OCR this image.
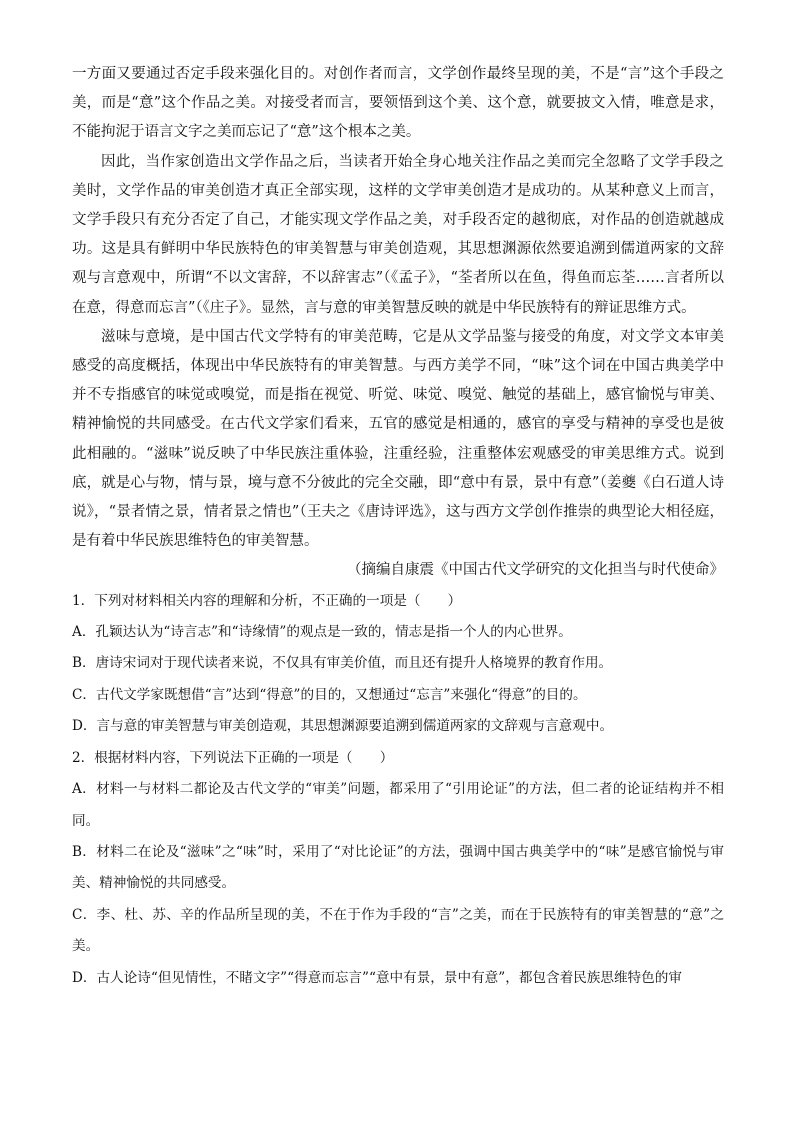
一方面又要通过否定手段来强化目的。对创作者而言，文学创作最终呈现的美，不是“言”这个手段之美，而是“意”这个作品之美。对接受者而言，要领悟到这个美、这个意，就要披文入情，唯意是求，不能拘泥于语言文字之美而忘记了“意”这个根本之美。

因此，当作家创造出文学作品之后，当读者开始全身心地关注作品之美而完全忽略了文学手段之美时，文学作品的审美创造才真正全部实现，这样的文学审美创造才是成功的。从某种意义上而言，文学手段只有充分否定了自己，才能实现文学作品之美，对手段否定的越彻底，对作品的创造就越成功。这是具有鲜明中华民族特色的审美智慧与审美创造观，其思想渊源依然要追溯到儒道两家的文辞观与言意观中，所谓“不以文害辞，不以辞害志”（《孟子》，“荃者所以在鱼，得鱼而忘荃……言者所以在意，得意而忘言”（《庄子》。显然，言与意的审美智慧反映的就是中华民族特有的辩证思维方式。

滋味与意境，是中国古代文学特有的审美范畴，它是从文学品鉴与接受的角度，对文学文本审美感受的高度概括，体现出中华民族特有的审美智慧。与西方美学不同，“味”这个词在中国古典美学中并不专指感官的味觉或嗅觉，而是指在视觉、听觉、味觉、嗅觉、触觉的基础上，感官愉悦与审美、精神愉悦的共同感受。在古代文学家们看来，五官的感觉是相通的，感官的享受与精神的享受也是彼此相融的。“滋味”说反映了中华民族注重体验，注重经验，注重整体宏观感受的审美思维方式。说到底，就是心与物，情与景，境与意不分彼此的完全交融，即“意中有景，景中有意”（姜夔《白石道人诗说》，“景者情之景，情者景之情也”（王夫之《唐诗评选》，这与西方文学创作推崇的典型论大相径庭，是有着中华民族思维特色的审美智慧。

（摘编自康震《中国古代文学研究的文化担当与时代使命》

1．下列对材料相关内容的理解和分析，不正确的一项是（　　）

A．孔颖达认为“诗言志”和“诗缘情”的观点是一致的，情志是指一个人的内心世界。

B．唐诗宋词对于现代读者来说，不仅具有审美价值，而且还有提升人格境界的教育作用。

C．古代文学家既想借“言”达到“得意”的目的，又想通过“忘言”来强化“得意”的目的。

D．言与意的审美智慧与审美创造观，其思想渊源要追溯到儒道两家的文辞观与言意观中。

2．根据材料内容，下列说法下正确的一项是（　　）

A．材料一与材料二都论及古代文学的“审美”问题，都采用了“引用论证”的方法，但二者的论证结构并不相同。

B．材料二在论及“滋味”之“味”时，采用了“对比论证”的方法，强调中国古典美学中的“味”是感官愉悦与审美、精神愉悦的共同感受。

C．李、杜、苏、辛的作品所呈现的美，不在于作为手段的“言”之美，而在于民族特有的审美智慧的“意”之美。

D．古人论诗“但见情性，不睹文字”“得意而忘言”“意中有景，景中有意”，都包含着民族思维特色的审
